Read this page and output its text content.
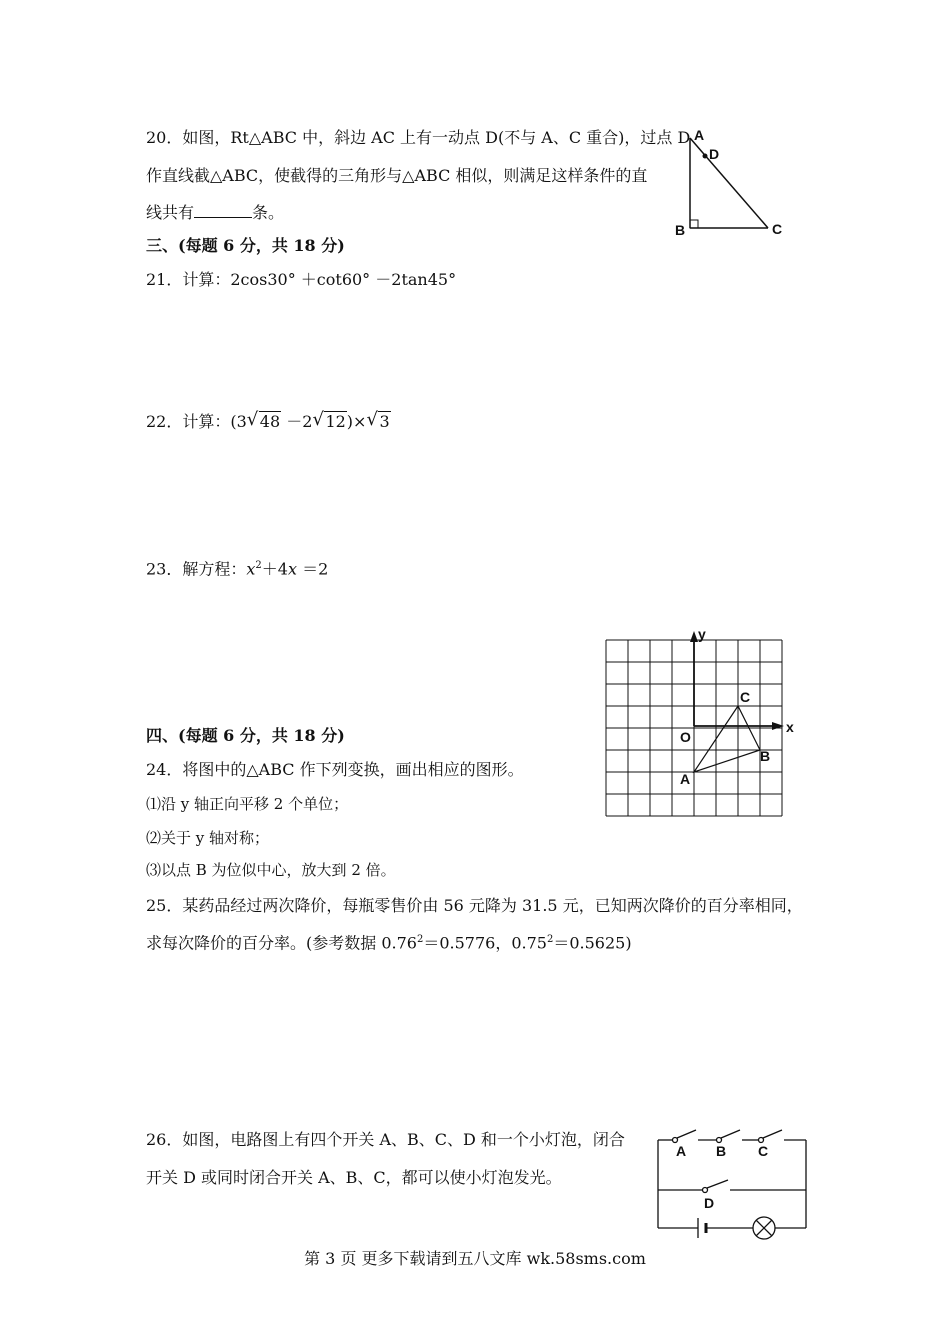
20．如图，Rt△ABC 中，斜边 AC 上有一动点 D(不与 A、C 重合)，过点 D
作直线截△ABC，使截得的三角形与△ABC 相似，则满足这样条件的直
线共有	条。
A
D
B	C
三、(每题 6 分，共 18 分)
21．计算：2cos30° ＋cot60° －2tan45°
22．计算：(3 √ 48 －2 √ 12)× √ 3
23．解方程：$x^2+4x =2$
y
x
O
A
B
C
四、(每题 6 分，共 18 分)
24．将图中的△ABC 作下列变换，画出相应的图形。
⑴沿 y 轴正向平移 2 个单位；
⑵关于 y 轴对称；
⑶以点 B 为位似中心，放大到 2 倍。
25．某药品经过两次降价，每瓶零售价由 56 元降为 31.5 元，已知两次降价的百分率相同，
求每次降价的百分率。(参考数据 $0.76^2=0.5776$，$0.75^2=0.5625$)
26．如图，电路图上有四个开关 A、B、C、D 和一个小灯泡，闭合
开关 D 或同时闭合开关 A、B、C，都可以使小灯泡发光。
A B C
D
第 3 页 更多下载请到五八文库 wk.58sms.com
